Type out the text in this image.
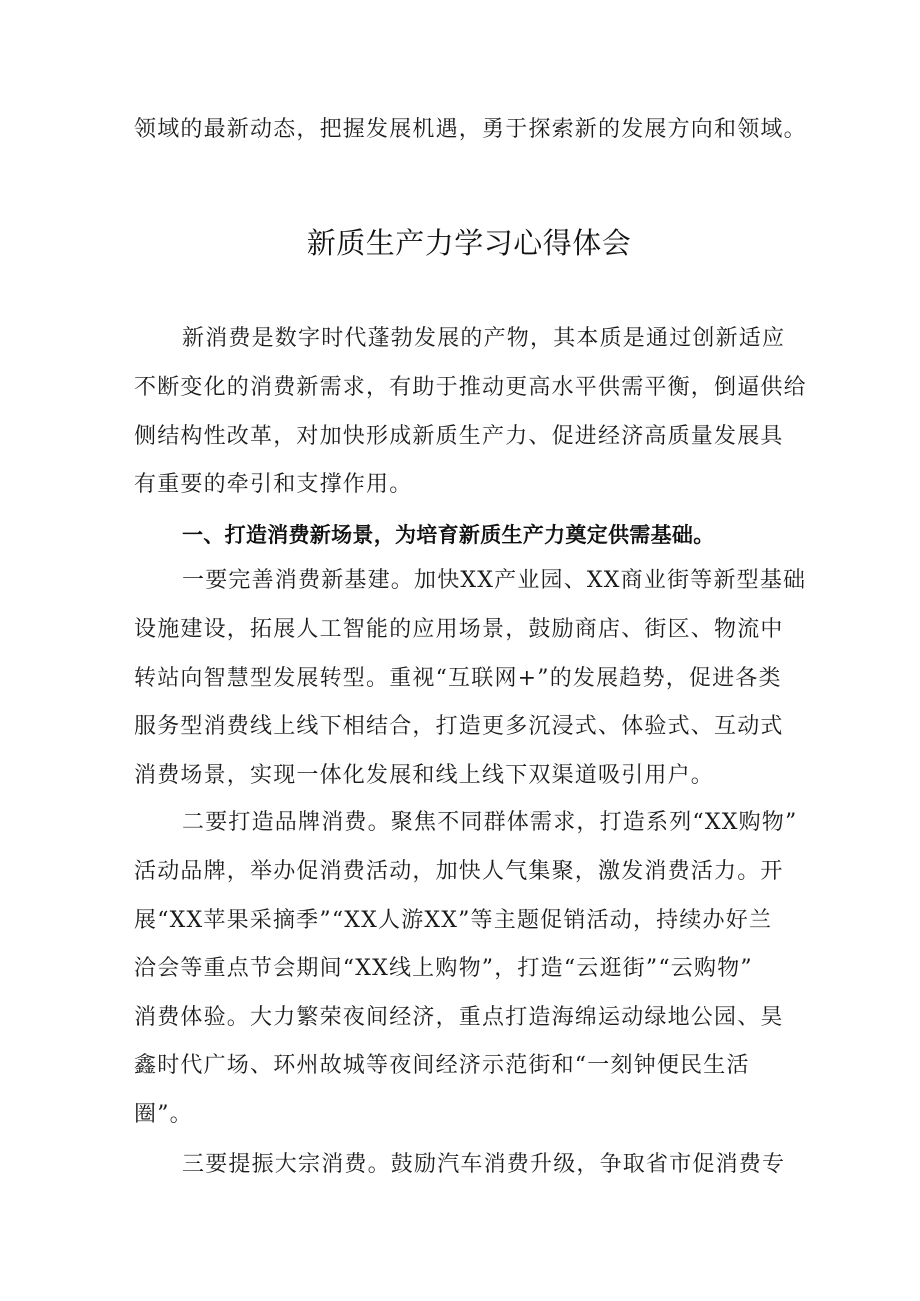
领域的最新动态，把握发展机遇，勇于探索新的发展方向和领域。
新质生产力学习心得体会
新消费是数字时代蓬勃发展的产物，其本质是通过创新适应
不断变化的消费新需求，有助于推动更高水平供需平衡，倒逼供给
侧结构性改革，对加快形成新质生产力、促进经济高质量发展具
有重要的牵引和支撑作用。
一、打造消费新场景，为培育新质生产力奠定供需基础。
一要完善消费新基建。加快XX产业园、XX商业街等新型基础
设施建设，拓展人工智能的应用场景，鼓励商店、街区、物流中
转站向智慧型发展转型。重视“互联网+”的发展趋势，促进各类
服务型消费线上线下相结合，打造更多沉浸式、体验式、互动式
消费场景，实现一体化发展和线上线下双渠道吸引用户。
二要打造品牌消费。聚焦不同群体需求，打造系列“XX购物”
活动品牌，举办促消费活动，加快人气集聚，激发消费活力。开
展“XX苹果采摘季”“XX人游XX”等主题促销活动，持续办好兰
洽会等重点节会期间“XX线上购物”，打造“云逛街”“云购物”
消费体验。大力繁荣夜间经济，重点打造海绵运动绿地公园、昊
鑫时代广场、环州故城等夜间经济示范街和“一刻钟便民生活
圈”。
三要提振大宗消费。鼓励汽车消费升级，争取省市促消费专
